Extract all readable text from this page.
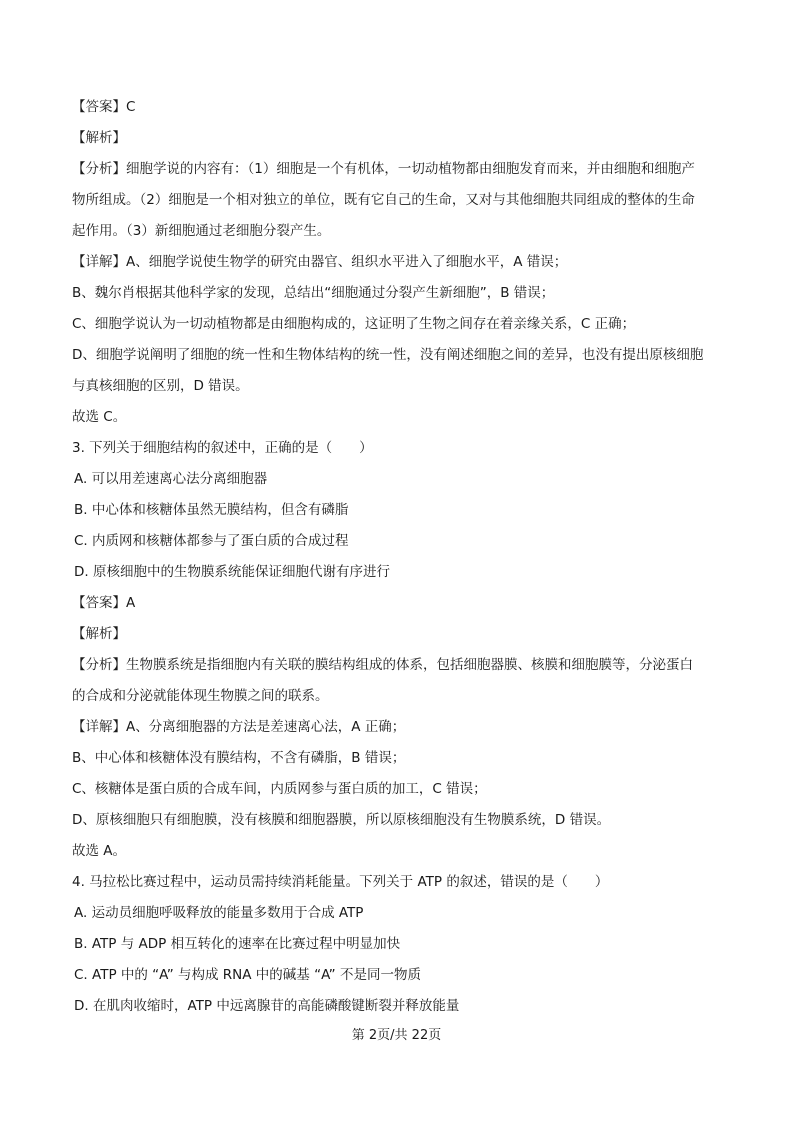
【答案】C
【解析】
【分析】细胞学说的内容有：（1）细胞是一个有机体，一切动植物都由细胞发育而来，并由细胞和细胞产
物所组成。（2）细胞是一个相对独立的单位，既有它自己的生命，又对与其他细胞共同组成的整体的生命
起作用。（3）新细胞通过老细胞分裂产生。
【详解】A、细胞学说使生物学的研究由器官、组织水平进入了细胞水平，A 错误；
B、魏尔肖根据其他科学家的发现，总结出“细胞通过分裂产生新细胞”，B 错误；
C、细胞学说认为一切动植物都是由细胞构成的，这证明了生物之间存在着亲缘关系，C 正确；
D、细胞学说阐明了细胞的统一性和生物体结构的统一性，没有阐述细胞之间的差异，也没有提出原核细胞
与真核细胞的区别，D 错误。
故选 C。
3. 下列关于细胞结构的叙述中，正确的是（　　）
A. 可以用差速离心法分离细胞器
B. 中心体和核糖体虽然无膜结构，但含有磷脂
C. 内质网和核糖体都参与了蛋白质的合成过程
D. 原核细胞中的生物膜系统能保证细胞代谢有序进行
【答案】A
【解析】
【分析】生物膜系统是指细胞内有关联的膜结构组成的体系，包括细胞器膜、核膜和细胞膜等，分泌蛋白
的合成和分泌就能体现生物膜之间的联系。
【详解】A、分离细胞器的方法是差速离心法，A 正确；
B、中心体和核糖体没有膜结构，不含有磷脂，B 错误；
C、核糖体是蛋白质的合成车间，内质网参与蛋白质的加工，C 错误；
D、原核细胞只有细胞膜，没有核膜和细胞器膜，所以原核细胞没有生物膜系统，D 错误。
故选 A。
4. 马拉松比赛过程中，运动员需持续消耗能量。下列关于 ATP 的叙述，错误的是（　　）
A. 运动员细胞呼吸释放的能量多数用于合成 ATP
B. ATP 与 ADP 相互转化的速率在比赛过程中明显加快
C. ATP 中的 “A” 与构成 RNA 中的碱基 “A” 不是同一物质
D. 在肌肉收缩时，ATP 中远离腺苷的高能磷酸键断裂并释放能量
第 2页/共 22页
